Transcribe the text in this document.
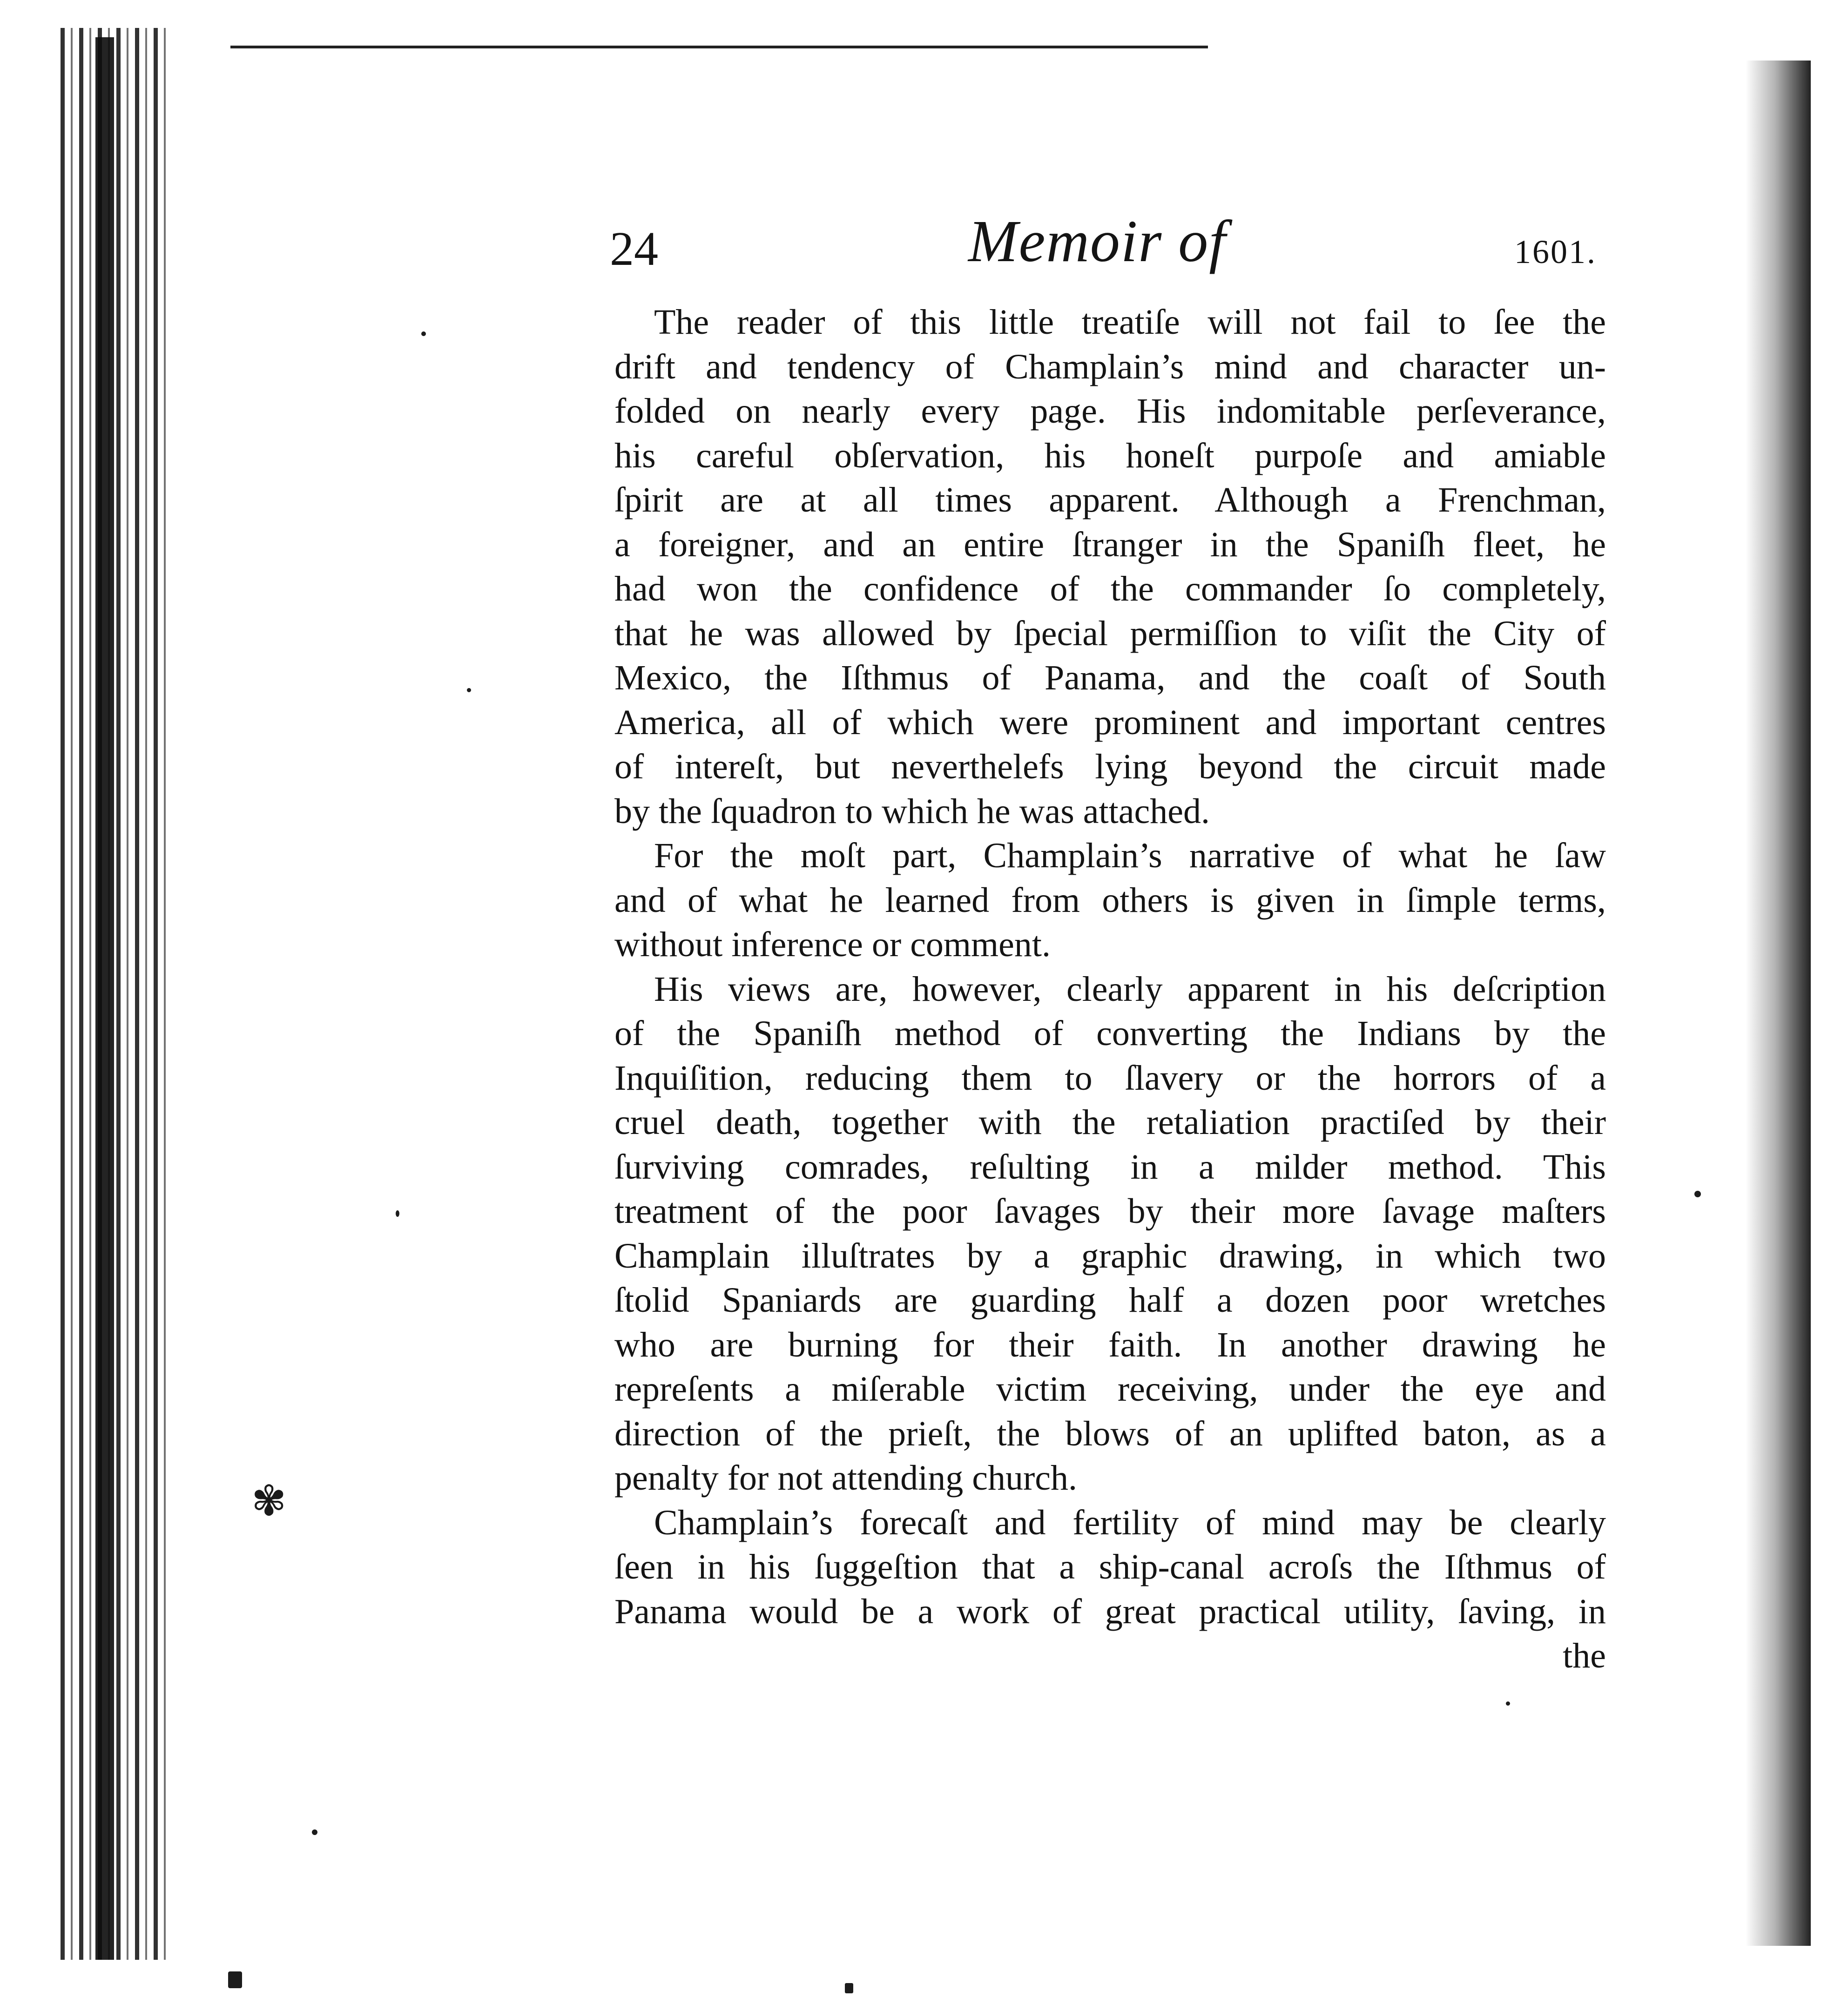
24	Memoir of	1601.
The reader of this little treatiſe will not fail to ſee the
drift and tendency of Champlain’s mind and character un-
folded on nearly every page. His indomitable perſeverance,
his careful obſervation, his honeſt purpoſe and amiable
ſpirit are at all times apparent. Although a Frenchman,
a foreigner, and an entire ſtranger in the Spaniſh fleet, he
had won the confidence of the commander ſo completely,
that he was allowed by ſpecial permiſſion to viſit the City of
Mexico, the Iſthmus of Panama, and the coaſt of South
America, all of which were prominent and important centres
of intereſt, but neverthelefs lying beyond the circuit made
by the ſquadron to which he was attached.
For the moſt part, Champlain’s narrative of what he ſaw
and of what he learned from others is given in ſimple terms,
without inference or comment.
His views are, however, clearly apparent in his deſcription
of the Spaniſh method of converting the Indians by the
Inquiſition, reducing them to ſlavery or the horrors of a
cruel death, together with the retaliation practiſed by their
ſurviving comrades, reſulting in a milder method. This
treatment of the poor ſavages by their more ſavage maſters
Champlain illuſtrates by a graphic drawing, in which two
ſtolid Spaniards are guarding half a dozen poor wretches
who are burning for their faith. In another drawing he
repreſents a miſerable victim receiving, under the eye and
direction of the prieſt, the blows of an uplifted baton, as a
penalty for not attending church.
Champlain’s forecaſt and fertility of mind may be clearly
ſeen in his ſuggeſtion that a ship-canal acroſs the Iſthmus of
Panama would be a work of great practical utility, ſaving, in
the
✾
